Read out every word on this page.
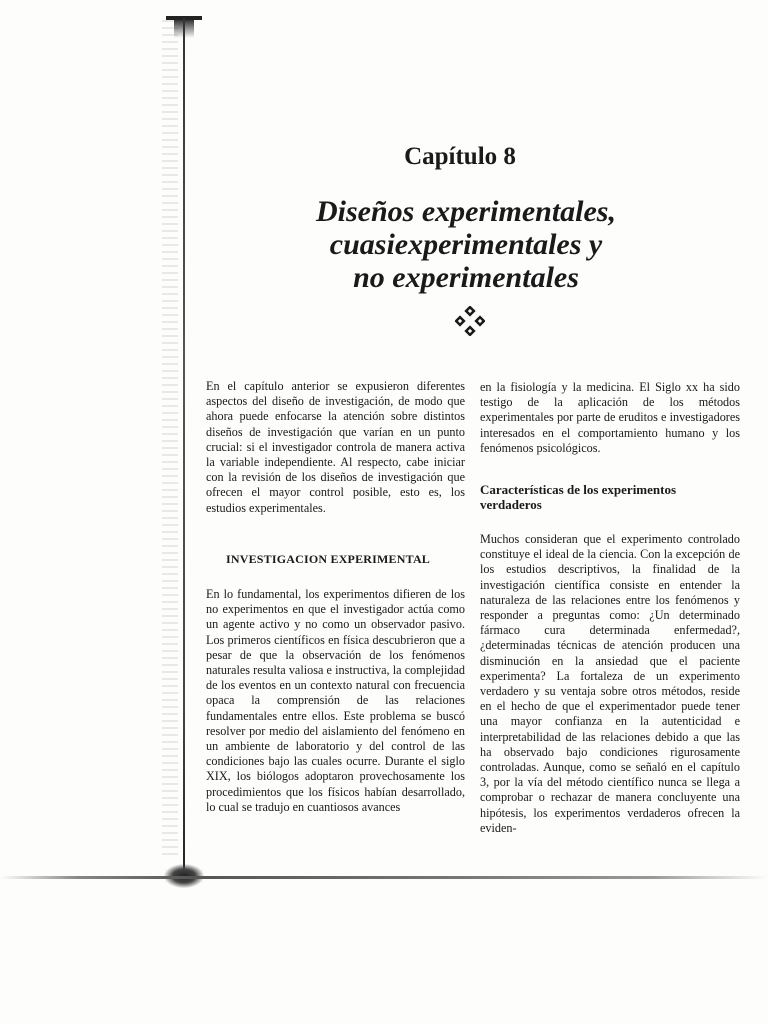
Capítulo 8
Diseños experimentales,
cuasiexperimentales y
no experimentales

En el capítulo anterior se expusieron diferentes aspectos del diseño de investigación, de modo que ahora puede enfocarse la atención sobre distintos diseños de investigación que varían en un punto crucial: si el investigador controla de manera activa la variable independiente. Al respecto, cabe iniciar con la revisión de los diseños de investigación que ofrecen el mayor control posible, esto es, los estudios experimentales.

INVESTIGACION EXPERIMENTAL

En lo fundamental, los experimentos difieren de los no experimentos en que el investigador actúa como un agente activo y no como un observador pasivo. Los primeros científicos en física descubrieron que a pesar de que la observación de los fenómenos naturales resulta valiosa e instructiva, la complejidad de los eventos en un contexto natural con frecuencia opaca la comprensión de las relaciones fundamentales entre ellos. Este problema se buscó resolver por medio del aislamiento del fenómeno en un ambiente de laboratorio y del control de las condiciones bajo las cuales ocurre. Durante el siglo XIX, los biólogos adoptaron provechosamente los procedimientos que los físicos habían desarrollado, lo cual se tradujo en cuantiosos avances

en la fisiología y la medicina. El Siglo xx ha sido testigo de la aplicación de los métodos experimentales por parte de eruditos e investigadores interesados en el comportamiento humano y los fenómenos psicológicos.

Características de los experimentos verdaderos

Muchos consideran que el experimento controlado constituye el ideal de la ciencia. Con la excepción de los estudios descriptivos, la finalidad de la investigación científica consiste en entender la naturaleza de las relaciones entre los fenómenos y responder a preguntas como: ¿Un determinado fármaco cura determinada enfermedad?, ¿determinadas técnicas de atención producen una disminución en la ansiedad que el paciente experimenta? La fortaleza de un experimento verdadero y su ventaja sobre otros métodos, reside en el hecho de que el experimentador puede tener una mayor confianza en la autenticidad e interpretabilidad de las relaciones debido a que las ha observado bajo condiciones rigurosamente controladas. Aunque, como se señaló en el capítulo 3, por la vía del método científico nunca se llega a comprobar o rechazar de manera concluyente una hipótesis, los experimentos verdaderos ofrecen la eviden-
